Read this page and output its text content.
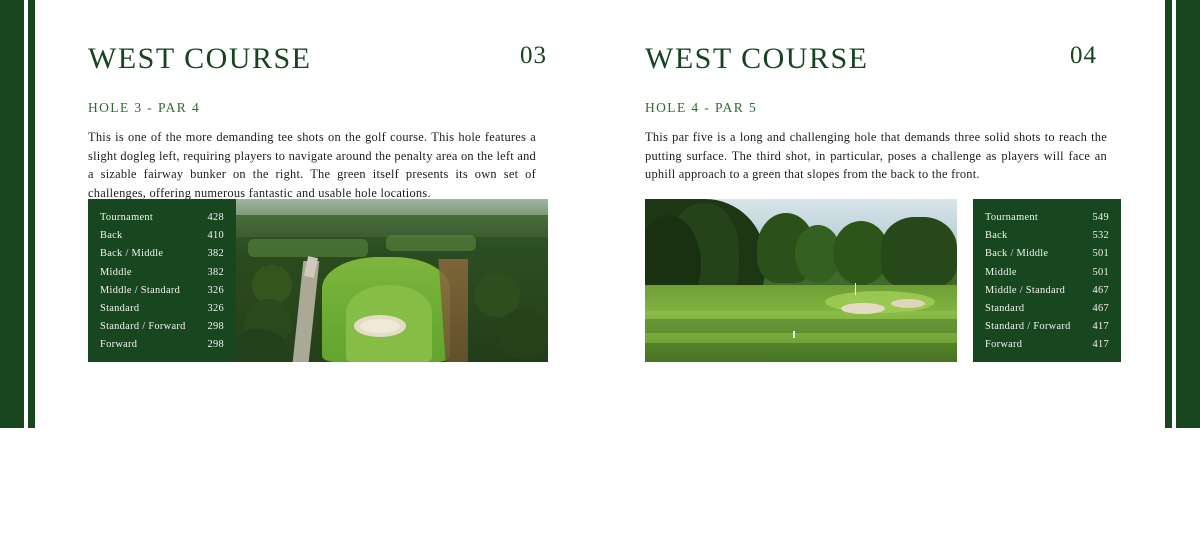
WEST COURSE
HOLE 3 - PAR 4

This is one of the more demanding tee shots on the golf course. This hole features a slight dogleg left, requiring players to navigate around the penalty area on the left and a sizable fairway bunker on the right. The green itself presents its own set of challenges, offering numerous fantastic and usable hole locations.

03
Tournament	428
Back	410
Back / Middle	382
Middle	382
Middle / Standard	326
Standard	326
Standard / Forward	298
Forward	298
WEST COURSE
HOLE 4 - PAR 5

This par five is a long and challenging hole that demands three solid shots to reach the putting surface. The third shot, in particular, poses a challenge as players will face an uphill approach to a green that slopes from the back to the front.

04
Tournament	549
Back	532
Back / Middle	501
Middle	501
Middle / Standard	467
Standard	467
Standard / Forward	417
Forward	417
